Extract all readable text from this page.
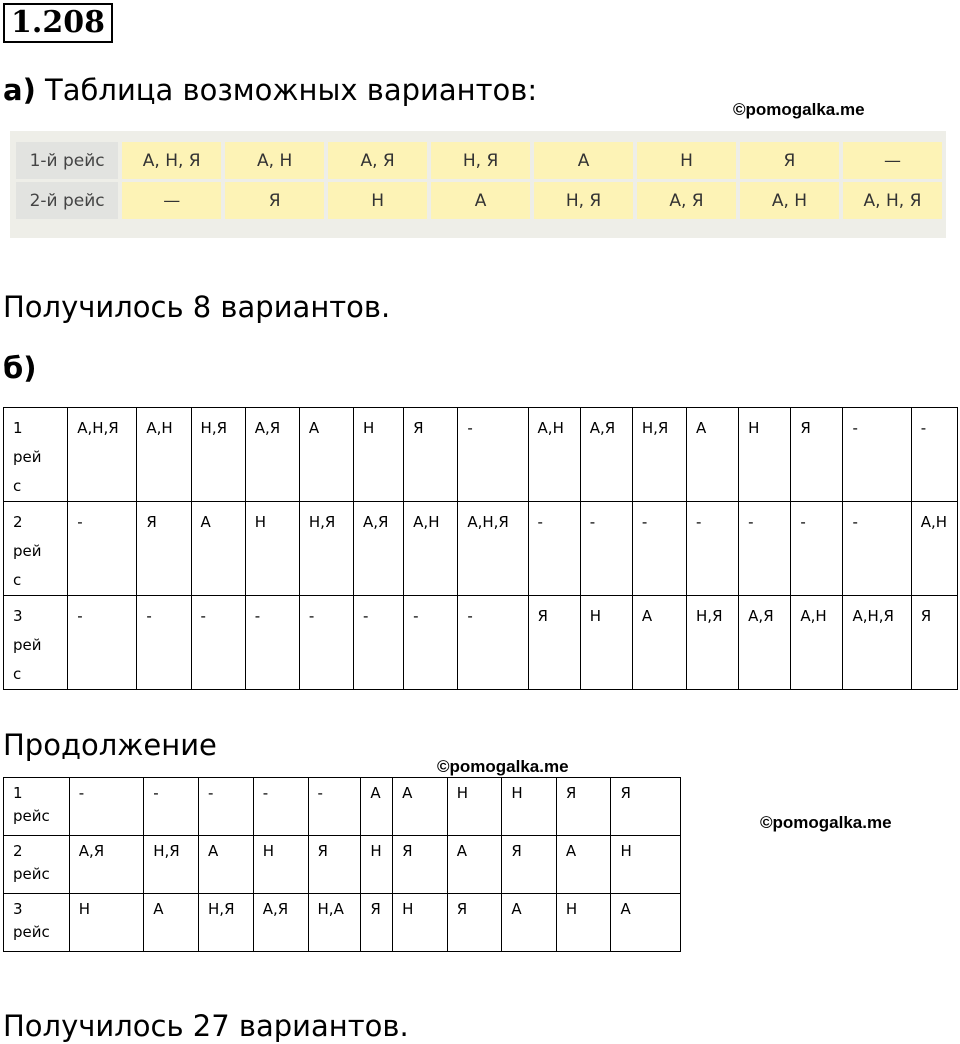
1.208
а) Таблица возможных вариантов:
©pomogalka.me
1-й рейс	А, Н, Я	А, Н	А, Я	Н, Я	А	Н	Я	—
2-й рейс	—	Я	Н	А	Н, Я	А, Я	А, Н	А, Н, Я
Получилось 8 вариантов.
б)
1
рей
с	А,Н,Я	А,Н	Н,Я	А,Я	А	Н	Я	-	А,Н	А,Я	Н,Я	А	Н	Я	-	-

2
рей
с	-	Я	А	Н	Н,Я	А,Я	А,Н	А,Н,Я	-	-	-	-	-	-	-	А,Н

3
рей
с	-	-	-	-	-	-	-	-	Я	Н	А	Н,Я	А,Я	А,Н	А,Н,Я	Я
Продолжение
©pomogalka.me
©pomogalka.me
1
рейс	-	-	-	-	-	А	А	Н	Н	Я	Я

2
рейс	А,Я	Н,Я	А	Н	Я	Н	Я	А	Я	А	Н

3
рейс	Н	А	Н,Я	А,Я	Н,А	Я	Н	Я	А	Н	А
Получилось 27 вариантов.
